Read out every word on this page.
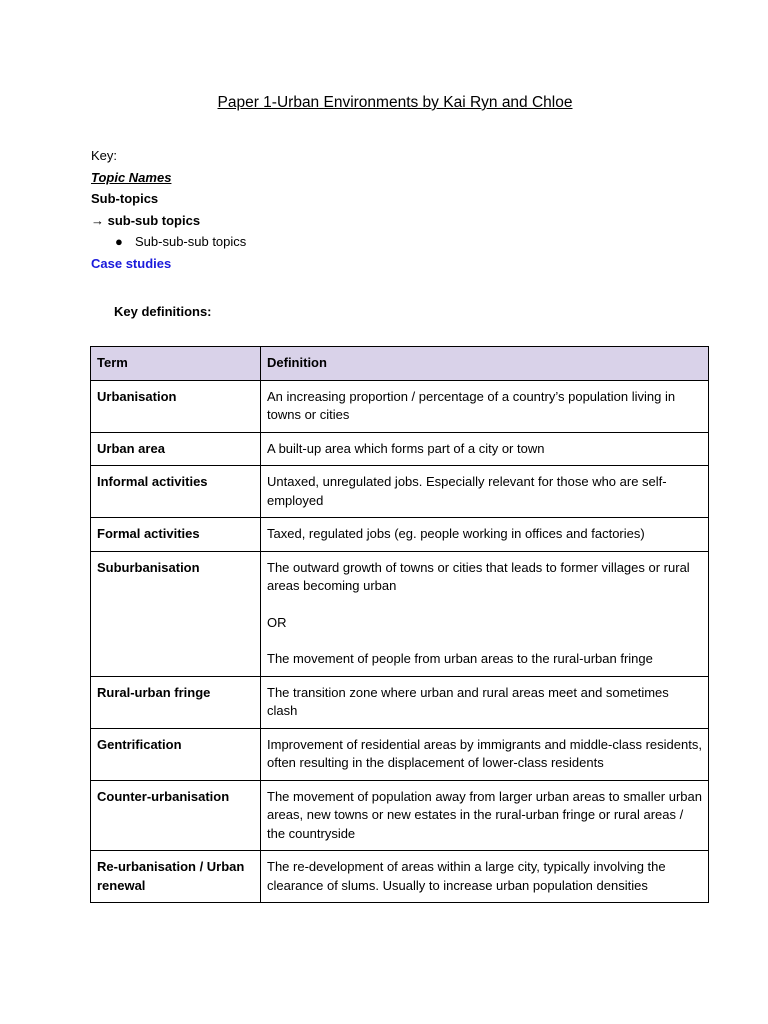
Paper 1-Urban Environments by Kai Ryn and Chloe
Key:
Topic Names
Sub-topics
→ sub-sub topics
● Sub-sub-sub topics
Case studies
Key definitions:
Term	Definition
Urbanisation	An increasing proportion / percentage of a country’s population living in towns or cities
Urban area	A built-up area which forms part of a city or town
Informal activities	Untaxed, unregulated jobs. Especially relevant for those who are self-employed
Formal activities	Taxed, regulated jobs (eg. people working in offices and factories)
Suburbanisation	The outward growth of towns or cities that leads to former villages or rural areas becoming urban
OR
The movement of people from urban areas to the rural-urban fringe

Rural-urban fringe	The transition zone where urban and rural areas meet and sometimes clash
Gentrification	Improvement of residential areas by immigrants and middle-class residents, often resulting in the displacement of lower-class residents
Counter-urbanisation	The movement of population away from larger urban areas to smaller urban areas, new towns or new estates in the rural-urban fringe or rural areas / the countryside
Re-urbanisation / Urban renewal	The re-development of areas within a large city, typically involving the clearance of slums. Usually to increase urban population densities
